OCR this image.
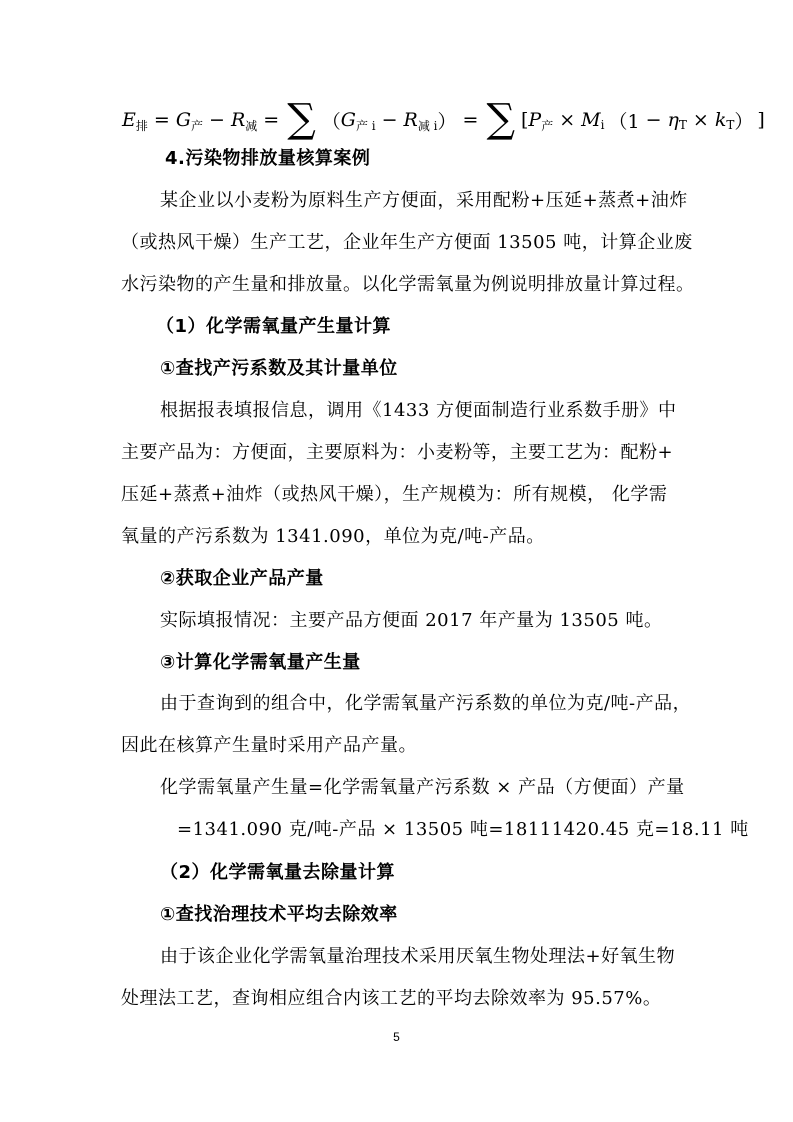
E 排 = G 产 − R 减 = ∑ （ G 产 i − R 减 i ） = ∑ [ P 产 × M i （1 − η T × k T ） ]
4.污染物排放量核算案例
某企业以小麦粉为原料生产方便面，采用配粉+压延+蒸煮+油炸
（或热风干燥）生产工艺，企业年生产方便面 13505 吨，计算企业废
水污染物的产生量和排放量。以化学需氧量为例说明排放量计算过程。
（1）化学需氧量产生量计算
①查找产污系数及其计量单位
根据报表填报信息，调用《1433 方便面制造行业系数手册》中
主要产品为：方便面，主要原料为：小麦粉等，主要工艺为：配粉+
压延+蒸煮+油炸（或热风干燥），生产规模为：所有规模， 化学需
氧量的产污系数为 1341.090，单位为克/吨-产品。
②获取企业产品产量
实际填报情况：主要产品方便面 2017 年产量为 13505 吨。
③计算化学需氧量产生量
由于查询到的组合中，化学需氧量产污系数的单位为克/吨-产品，
因此在核算产生量时采用产品产量。
化学需氧量产生量=化学需氧量产污系数 × 产品（方便面）产量
=1341.090 克/吨-产品 × 13505 吨=18111420.45 克=18.11 吨
（2）化学需氧量去除量计算
①查找治理技术平均去除效率
由于该企业化学需氧量治理技术采用厌氧生物处理法+好氧生物
处理法工艺，查询相应组合内该工艺的平均去除效率为 95.57%。
5
